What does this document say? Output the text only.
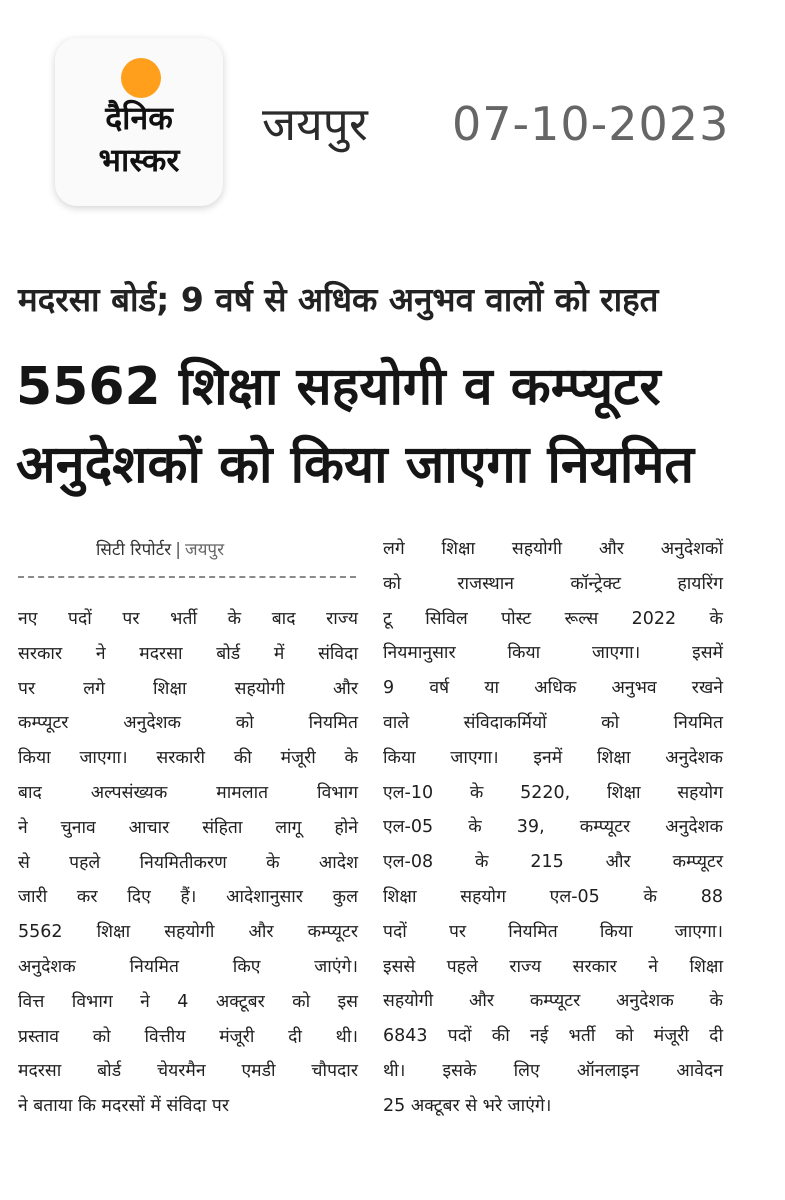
दैनिक
भास्कर
जयपुर 07-10-2023
मदरसा बोर्ड; 9 वर्ष से अधिक अनुभव वालों को राहत
5562 शिक्षा सहयोगी व कम्प्यूटर
अनुदेशकों को किया जाएगा नियमित
सिटी रिपोर्टर | जयपुर
नए पदों पर भर्ती के बाद राज्य
सरकार ने मदरसा बोर्ड में संविदा
पर लगे शिक्षा सहयोगी और
कम्प्यूटर अनुदेशक को नियमित
किया जाएगा। सरकारी की मंजूरी के
बाद अल्पसंख्यक मामलात विभाग
ने चुनाव आचार संहिता लागू होने
से पहले नियमितीकरण के आदेश
जारी कर दिए हैं। आदेशानुसार कुल
5562 शिक्षा सहयोगी और कम्प्यूटर
अनुदेशक नियमित किए जाएंगे।
वित्त विभाग ने 4 अक्टूबर को इस
प्रस्ताव को वित्तीय मंजूरी दी थी।
मदरसा बोर्ड चेयरमैन एमडी चौपदार
ने बताया कि मदरसों में संविदा पर
लगे शिक्षा सहयोगी और अनुदेशकों
को राजस्थान कॉन्ट्रेक्ट हायरिंग
टू सिविल पोस्ट रूल्स 2022 के
नियमानुसार किया जाएगा। इसमें
9 वर्ष या अधिक अनुभव रखने
वाले संविदाकर्मियों को नियमित
किया जाएगा। इनमें शिक्षा अनुदेशक
एल-10 के 5220, शिक्षा सहयोग
एल-05 के 39, कम्प्यूटर अनुदेशक
एल-08 के 215 और कम्प्यूटर
शिक्षा सहयोग एल-05 के 88
पदों पर नियमित किया जाएगा।
इससे पहले राज्य सरकार ने शिक्षा
सहयोगी और कम्प्यूटर अनुदेशक के
6843 पदों की नई भर्ती को मंजूरी दी
थी। इसके लिए ऑनलाइन आवेदन
25 अक्टूबर से भरे जाएंगे।
